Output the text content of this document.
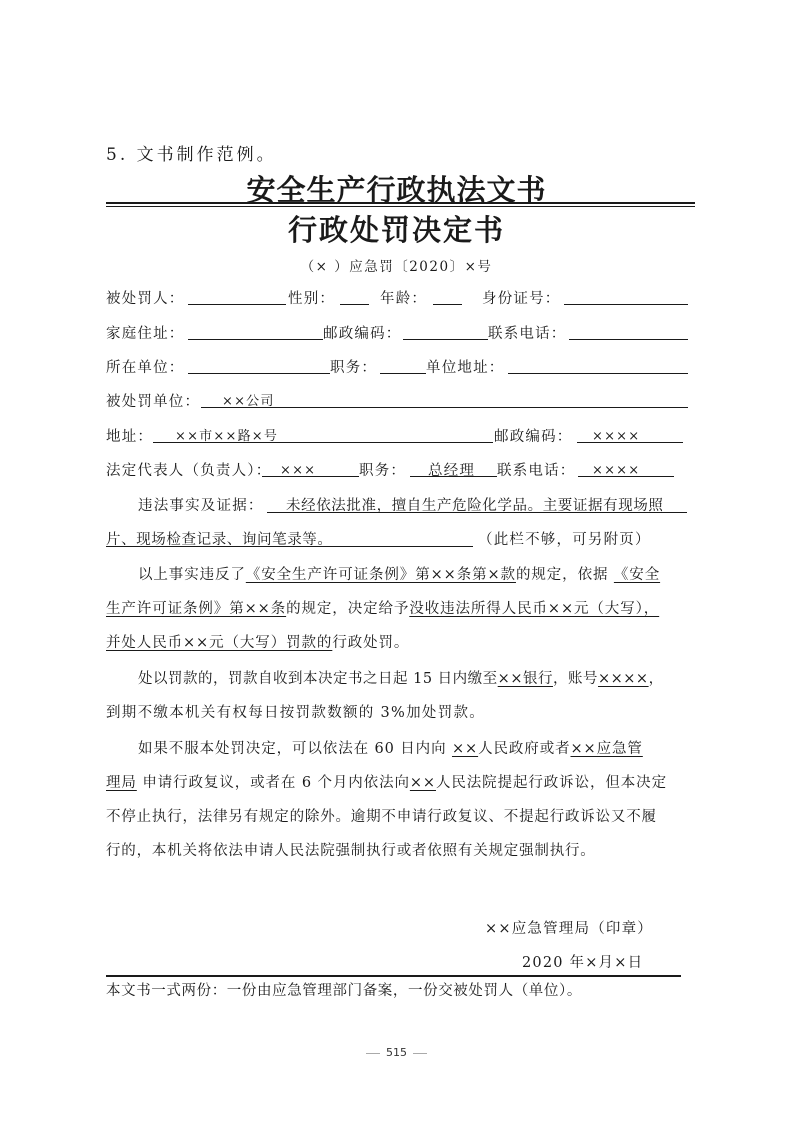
5. 文书制作范例。
安全生产行政执法文书
行政处罚决定书
（× ）应急罚〔2020〕×号
被处罚人：	性别：	年龄：	身份证号：
家庭住址：	邮政编码：	联系电话：
所在单位：	职务：	单位地址：
被处罚单位： ××公司
地址： ××市××路×号	邮政编码： ××××
法定代表人（负责人）： ×××	职务： 总经理 联系电话： ××××
违法事实及证据： 未经依法批准，擅自生产危险化学品。主要证据有现场照
片、现场检查记录、询问笔录等。	（此栏不够，可另附页）
以上事实违反了《安全生产许可证条例》第××条第×款的规定，依据 《安全
生产许可证条例》第××条的规定，决定给予没收违法所得人民币××元（大写），
并处人民币××元（大写）罚款的行政处罚。
处以罚款的，罚款自收到本决定书之日起 15 日内缴至××银行，账号××××，
到期不缴本机关有权每日按罚款数额的 3%加处罚款。
如果不服本处罚决定，可以依法在 60 日内向 ××人民政府或者××应急管
理局 申请行政复议，或者在 6 个月内依法向××人民法院提起行政诉讼，但本决定
不停止执行，法律另有规定的除外。逾期不申请行政复议、不提起行政诉讼又不履
行的，本机关将依法申请人民法院强制执行或者依照有关规定强制执行。
××应急管理局（印章）
2020 年×月×日
本文书一式两份：一份由应急管理部门备案，一份交被处罚人（单位）。
515
